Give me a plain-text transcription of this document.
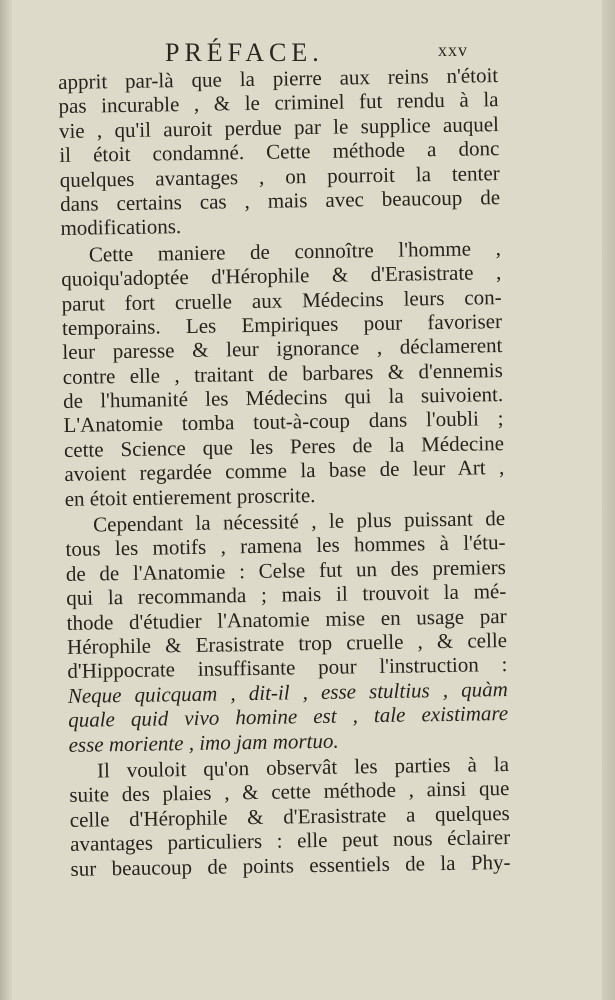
PRÉFACE.	xxv
apprit par-là que la pierre aux reins n'étoit
pas incurable , & le criminel fut rendu à la
vie , qu'il auroit perdue par le supplice auquel
il étoit condamné. Cette méthode a donc
quelques avantages , on pourroit la tenter
dans certains cas , mais avec beaucoup de
modifications.
Cette maniere de connoître l'homme ,
quoiqu'adoptée d'Hérophile & d'Erasistrate ,
parut fort cruelle aux Médecins leurs con-
temporains. Les Empiriques pour favoriser
leur paresse & leur ignorance , déclamerent
contre elle , traitant de barbares & d'ennemis
de l'humanité les Médecins qui la suivoient.
L'Anatomie tomba tout-à-coup dans l'oubli ;
cette Science que les Peres de la Médecine
avoient regardée comme la base de leur Art ,
en étoit entierement proscrite.
Cependant la nécessité , le plus puissant de
tous les motifs , ramena les hommes à l'étu-
de de l'Anatomie : Celse fut un des premiers
qui la recommanda ; mais il trouvoit la mé-
thode d'étudier l'Anatomie mise en usage par
Hérophile & Erasistrate trop cruelle , & celle
d'Hippocrate insuffisante pour l'instruction :
Neque quicquam , dit-il , esse stultius , quàm
quale quid vivo homine est , tale existimare
esse moriente , imo jam mortuo.
Il vouloit qu'on observât les parties à la
suite des plaies , & cette méthode , ainsi que
celle d'Hérophile & d'Erasistrate a quelques
avantages particuliers : elle peut nous éclairer
sur beaucoup de points essentiels de la Phy-
